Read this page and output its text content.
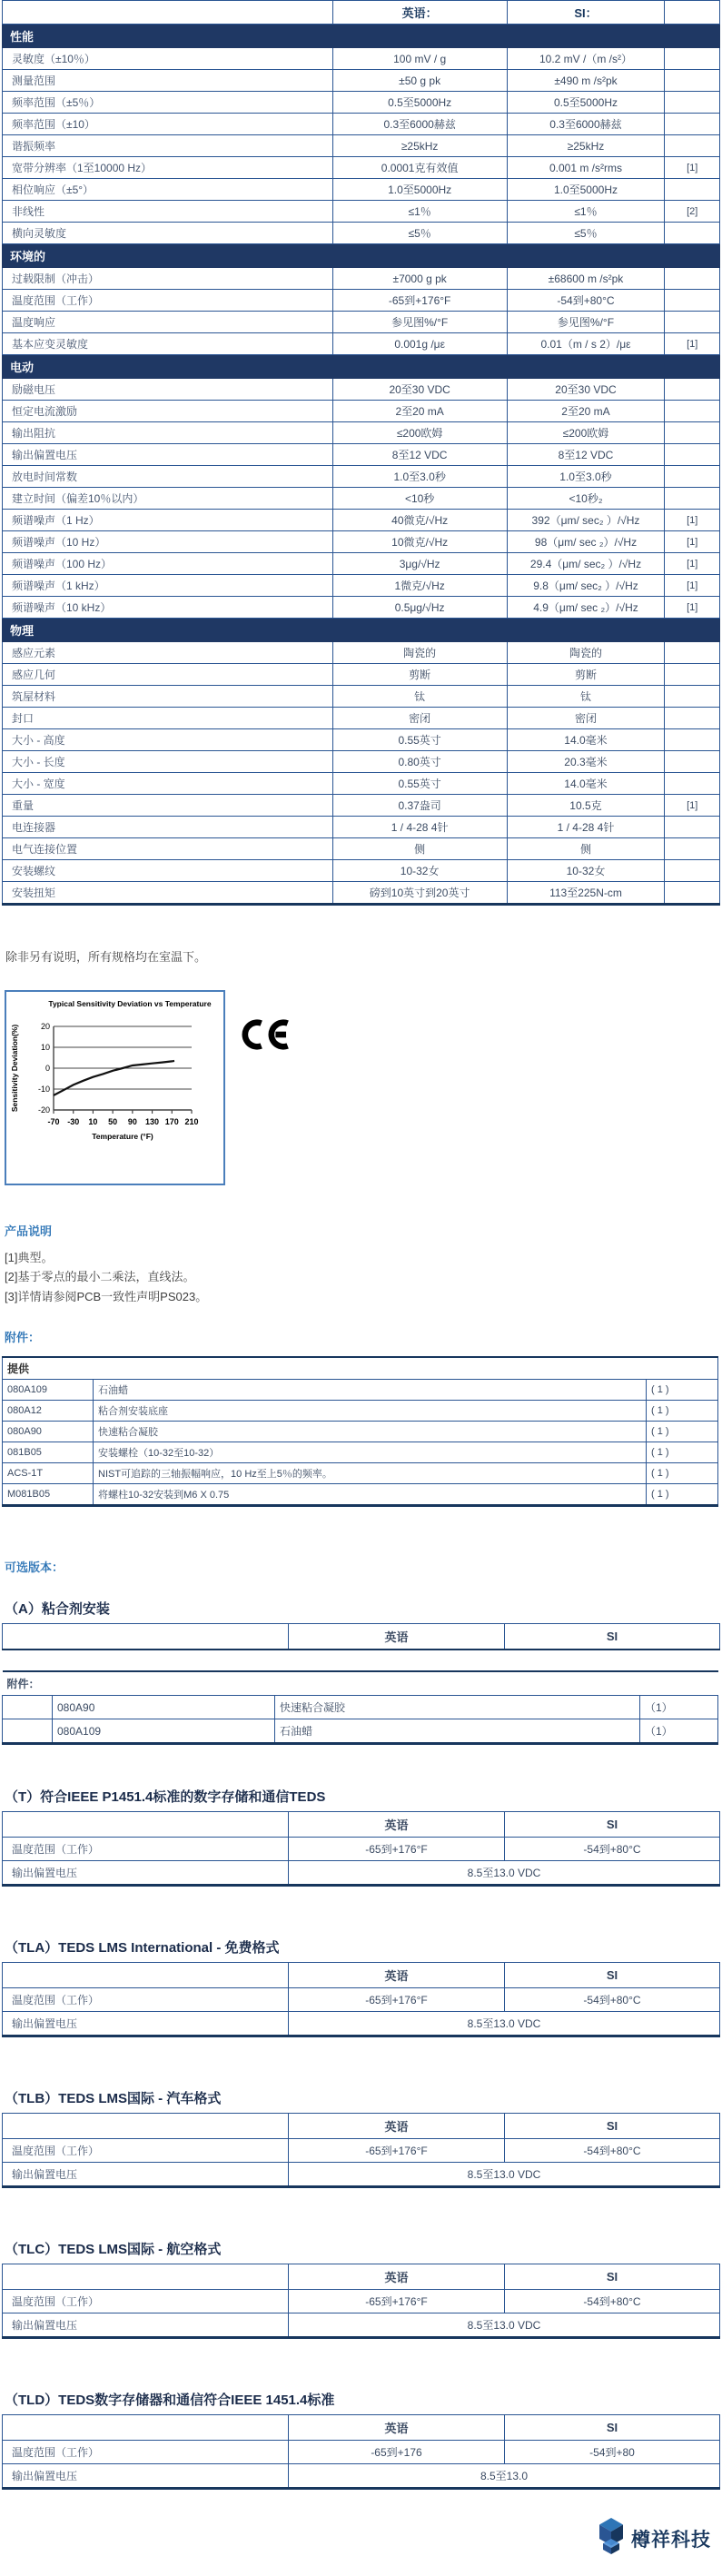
	英语：	SI：	
性能			
灵敏度（±10％）	100 mV / g	10.2 mV /（m /s²）	
测量范围	±50 g pk	±490 m /s²pk	
频率范围（±5％）	0.5至5000Hz	0.5至5000Hz	
频率范围（±10）	0.3至6000赫兹	0.3至6000赫兹	
谐振频率	≥25kHz	≥25kHz	
宽带分辨率（1至10000 Hz）	0.0001克有效值	0.001 m /s²rms	[1]
相位响应（±5°）	1.0至5000Hz	1.0至5000Hz	
非线性	≤1％	≤1％	[2]
横向灵敏度	≤5％	≤5％	
环境的			
过载限制（冲击）	±7000 g pk	±68600 m /s²pk	
温度范围（工作）	-65到+176°F	-54到+80°C	
温度响应	参见图%/°F	参见图%/°F	
基本应变灵敏度	0.001g /με	0.01（m / s 2）/με	[1]
电动			
励磁电压	20至30 VDC	20至30 VDC	
恒定电流激励	2至20 mA	2至20 mA	
输出阻抗	≤200欧姆	≤200欧姆	
输出偏置电压	8至12 VDC	8至12 VDC	
放电时间常数	1.0至3.0秒	1.0至3.0秒	
建立时间（偏差10％以内）	<10秒	<10秒₂	
频谱噪声（1 Hz）	40微克/√Hz	392（μm/ sec₂ ）/√Hz	[1]
频谱噪声（10 Hz）	10微克/√Hz	98（μm/ sec ₂）/√Hz	[1]
频谱噪声（100 Hz）	3μg/√Hz	29.4（μm/ sec₂ ）/√Hz	[1]
频谱噪声（1 kHz）	1微克/√Hz	9.8（μm/ sec₂ ）/√Hz	[1]
频谱噪声（10 kHz）	0.5μg/√Hz	4.9（μm/ sec ₂）/√Hz	[1]
物理			
感应元素	陶瓷的	陶瓷的	
感应几何	剪断	剪断	
筑屋材料	钛	钛	
封口	密闭	密闭	
大小 - 高度	0.55英寸	14.0毫米	
大小 - 长度	0.80英寸	20.3毫米	
大小 - 宽度	0.55英寸	14.0毫米	
重量	0.37盎司	10.5克	[1]
电连接器	1 / 4-28 4针	1 / 4-28 4针	
电气连接位置	侧	侧	
安装螺纹	10-32女	10-32女	
安装扭矩	磅到10英寸到20英寸	113至225N-cm	

除非另有说明，所有规格均在室温下。

Typical Sensitivity Deviation vs Temperature
20
10
0
-10
-20
-70 -30 10 50 90 130 170 210
Temperature (°F)
Sensitivity Deviation(%)

产品说明

[1]典型。
[2]基于零点的最小二乘法，直线法。
[3]详情请参阅PCB一致性声明PS023。

附件：

提供		
080A109	石油蜡	( 1 )
080A12	粘合剂安装底座	( 1 )
080A90	快速粘合凝胶	( 1 )
081B05	安装螺栓（10-32至10-32）	( 1 )
ACS-1T	NIST可追踪的三轴振幅响应，10 Hz至上5％的频率。	( 1 )
M081B05	将螺柱10-32安装到M6 X 0.75	( 1 )

可选版本：

（A）粘合剂安装

	英语	SI
附件：			
	080A90	快速粘合凝胶	（1）
	080A109	石油蜡	（1）

（T）符合IEEE P1451.4标准的数字存储和通信TEDS

	英语	SI
温度范围（工作）	-65到+176°F	-54到+80°C
输出偏置电压	8.5至13.0 VDC	

（TLA）TEDS LMS International - 免费格式

	英语	SI
温度范围（工作）	-65到+176°F	-54到+80°C
输出偏置电压	8.5至13.0 VDC	

（TLB）TEDS LMS国际 - 汽车格式

	英语	SI
温度范围（工作）	-65到+176°F	-54到+80°C
输出偏置电压	8.5至13.0 VDC	

（TLC）TEDS LMS国际 - 航空格式

	英语	SI
温度范围（工作）	-65到+176°F	-54到+80°C
输出偏置电压	8.5至13.0 VDC	

（TLD）TEDS数字存储器和通信符合IEEE 1451.4标准

	英语	SI
温度范围（工作）	-65到+176	-54到+80
输出偏置电压	8.5至13.0	
樽祥科技
